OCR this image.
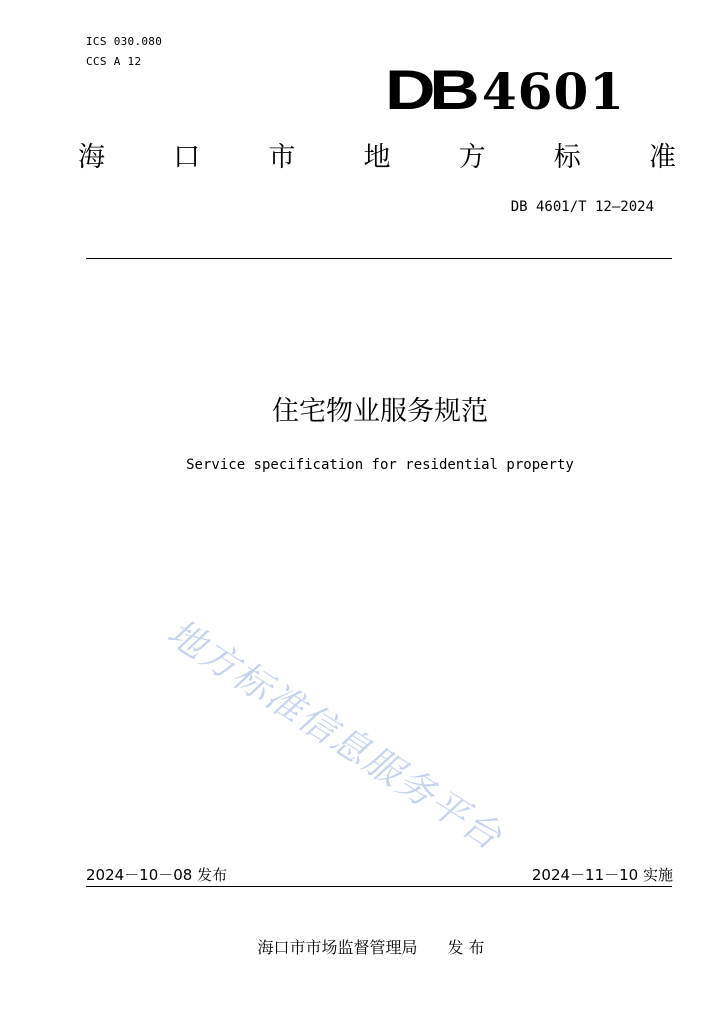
ICS 030.080
CCS A 12	DB 4601
海	口	市	地	方	标	准
DB 4601/T 12—2024
住宅物业服务规范
Service specification for residential property
地方标准信息服务平台
2024－10－08 发布	2024－11－10 实施
海口市市场监督管理局 发 布
